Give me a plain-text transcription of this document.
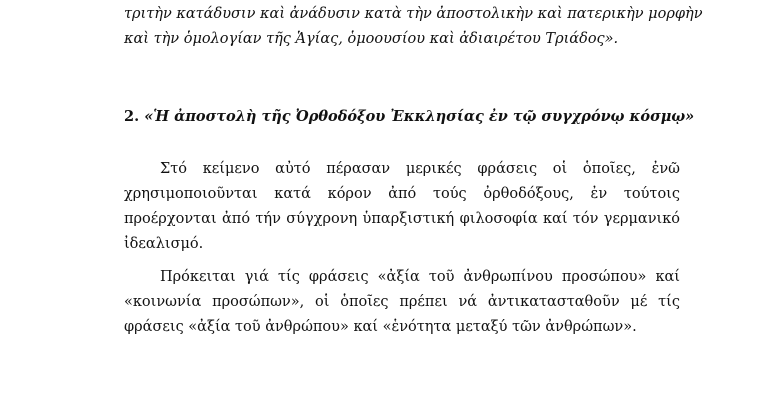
τριτὴν κατάδυσιν καὶ ἀνάδυσιν κατὰ τὴν ἀποστολικὴν καὶ πατερικὴν μορφὴν
καὶ τὴν ὁμολογίαν τῆς Ἁγίας, ὁμοουσίου καὶ ἀδιαιρέτου Τριάδος».
2. «Ἡ ἀποστολὴ τῆς Ὀρθοδόξου Ἐκκλησίας ἐν τῷ συγχρόνῳ κόσμῳ»

Στό κείμενο αὐτό πέρασαν μερικές φράσεις οἱ ὁποῖες, ἐνῶ χρησιμοποιοῦνται κατά κόρον ἀπό τούς ὀρθοδόξους, ἐν τούτοις προέρχονται ἀπό τήν σύγχρονη ὑπαρξιστική φιλοσοφία καί τόν γερμανικό ἰδεαλισμό.

Πρόκειται γιά τίς φράσεις «ἀξία τοῦ ἀνθρωπίνου προσώπου» καί «κοινωνία προσώπων», οἱ ὁποῖες πρέπει νά ἀντικατασταθοῦν μέ τίς φράσεις «ἀξία τοῦ ἀνθρώπου» καί «ἑνότητα μεταξύ τῶν ἀνθρώπων».
